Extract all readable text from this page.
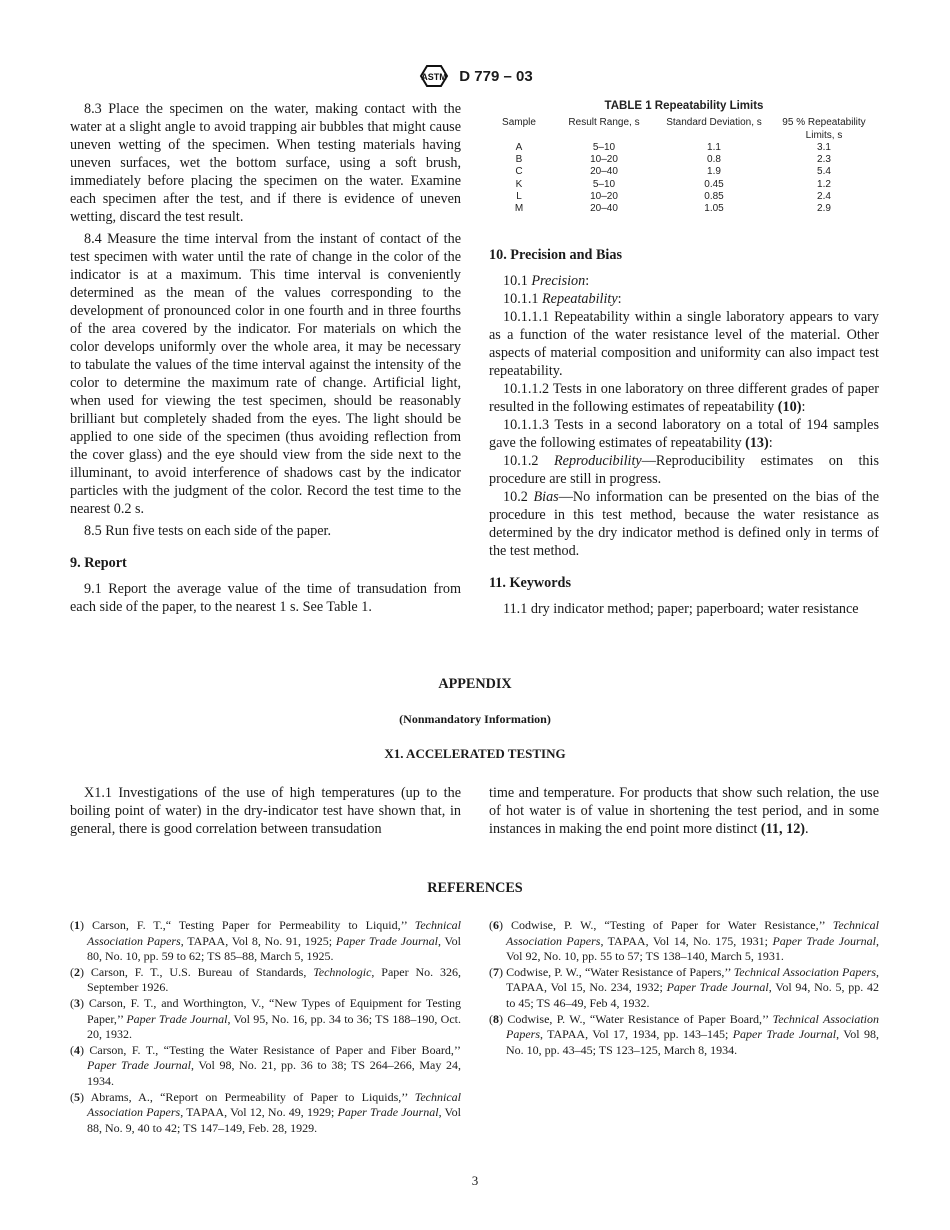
ASTM D 779 – 03

8.3 Place the specimen on the water, making contact with the water at a slight angle to avoid trapping air bubbles that might cause uneven wetting of the specimen. When testing materials having uneven surfaces, wet the bottom surface, using a soft brush, immediately before placing the specimen on the water. Examine each specimen after the test, and if there is evidence of uneven wetting, discard the test result.

8.4 Measure the time interval from the instant of contact of the test specimen with water until the rate of change in the color of the indicator is at a maximum. This time interval is conveniently determined as the mean of the values corresponding to the development of pronounced color in one fourth and in three fourths of the area covered by the indicator. For materials on which the color develops uniformly over the whole area, it may be necessary to tabulate the values of the time interval against the intensity of the color to determine the maximum rate of change. Artificial light, when used for viewing the test specimen, should be reasonably brilliant but completely shaded from the eyes. The light should be applied to one side of the specimen (thus avoiding reflection from the cover glass) and the eye should view from the side next to the illuminant, to avoid interference of shadows cast by the indicator particles with the judgment of the color. Record the test time to the nearest 0.2 s.

8.5 Run five tests on each side of the paper.

9. Report

9.1 Report the average value of the time of transudation from each side of the paper, to the nearest 1 s. See Table 1.

TABLE 1 Repeatability Limits
Sample	Result Range, s	Standard Deviation, s	95 % Repeatability Limits, s
A	5–10	1.1	3.1
B	10–20	0.8	2.3
C	20–40	1.9	5.4
K	5–10	0.45	1.2
L	10–20	0.85	2.4
M	20–40	1.05	2.9
10. Precision and Bias

10.1 Precision:

10.1.1 Repeatability:

10.1.1.1 Repeatability within a single laboratory appears to vary as a function of the water resistance level of the material. Other aspects of material composition and uniformity can also impact test repeatability.

10.1.1.2 Tests in one laboratory on three different grades of paper resulted in the following estimates of repeatability (10):

10.1.1.3 Tests in a second laboratory on a total of 194 samples gave the following estimates of repeatability (13):

10.1.2 Reproducibility—Reproducibility estimates on this procedure are still in progress.

10.2 Bias—No information can be presented on the bias of the procedure in this test method, because the water resistance as determined by the dry indicator method is defined only in terms of the test method.

11. Keywords

11.1 dry indicator method; paper; paperboard; water resistance

APPENDIX
(Nonmandatory Information)
X1. ACCELERATED TESTING

X1.1 Investigations of the use of high temperatures (up to the boiling point of water) in the dry-indicator test have shown that, in general, there is good correlation between transudation

time and temperature. For products that show such relation, the use of hot water is of value in shortening the test period, and in some instances in making the end point more distinct (11, 12).

REFERENCES
(1) Carson, F. T.,“ Testing Paper for Permeability to Liquid,’’ Technical Association Papers, TAPAA, Vol 8, No. 91, 1925; Paper Trade Journal, Vol 80, No. 10, pp. 59 to 62; TS 85–88, March 5, 1925.
(2) Carson, F. T., U.S. Bureau of Standards, Technologic, Paper No. 326, September 1926.
(3) Carson, F. T., and Worthington, V., “New Types of Equipment for Testing Paper,’’ Paper Trade Journal, Vol 95, No. 16, pp. 34 to 36; TS 188–190, Oct. 20, 1932.
(4) Carson, F. T., “Testing the Water Resistance of Paper and Fiber Board,’’ Paper Trade Journal, Vol 98, No. 21, pp. 36 to 38; TS 264–266, May 24, 1934.
(5) Abrams, A., “Report on Permeability of Paper to Liquids,’’ Technical Association Papers, TAPAA, Vol 12, No. 49, 1929; Paper Trade Journal, Vol 88, No. 9, 40 to 42; TS 147–149, Feb. 28, 1929.
(6) Codwise, P. W., “Testing of Paper for Water Resistance,’’ Technical Association Papers, TAPAA, Vol 14, No. 175, 1931; Paper Trade Journal, Vol 92, No. 10, pp. 55 to 57; TS 138–140, March 5, 1931.
(7) Codwise, P. W., “Water Resistance of Papers,’’ Technical Association Papers, TAPAA, Vol 15, No. 234, 1932; Paper Trade Journal, Vol 94, No. 5, pp. 42 to 45; TS 46–49, Feb 4, 1932.
(8) Codwise, P. W., “Water Resistance of Paper Board,’’ Technical Association Papers, TAPAA, Vol 17, 1934, pp. 143–145; Paper Trade Journal, Vol 98, No. 10, pp. 43–45; TS 123–125, March 8, 1934.
3
